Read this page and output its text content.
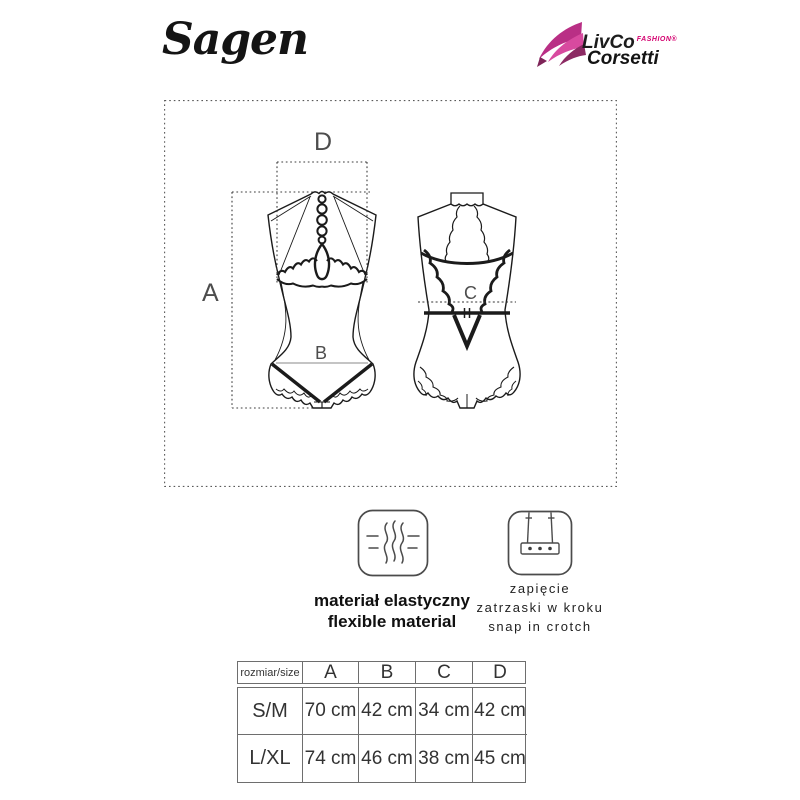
Sagen	LivCo $^{FASHION®}$
Corsetti
A
D
B
C
materiał elastyczny
flexible material
zapięcie
zatrzaski w kroku
snap in crotch
rozmiar/size	A	B	C	D
S/M 70 cm 42 cm 34 cm 42 cm
L/XL 74 cm 46 cm 38 cm 45 cm
